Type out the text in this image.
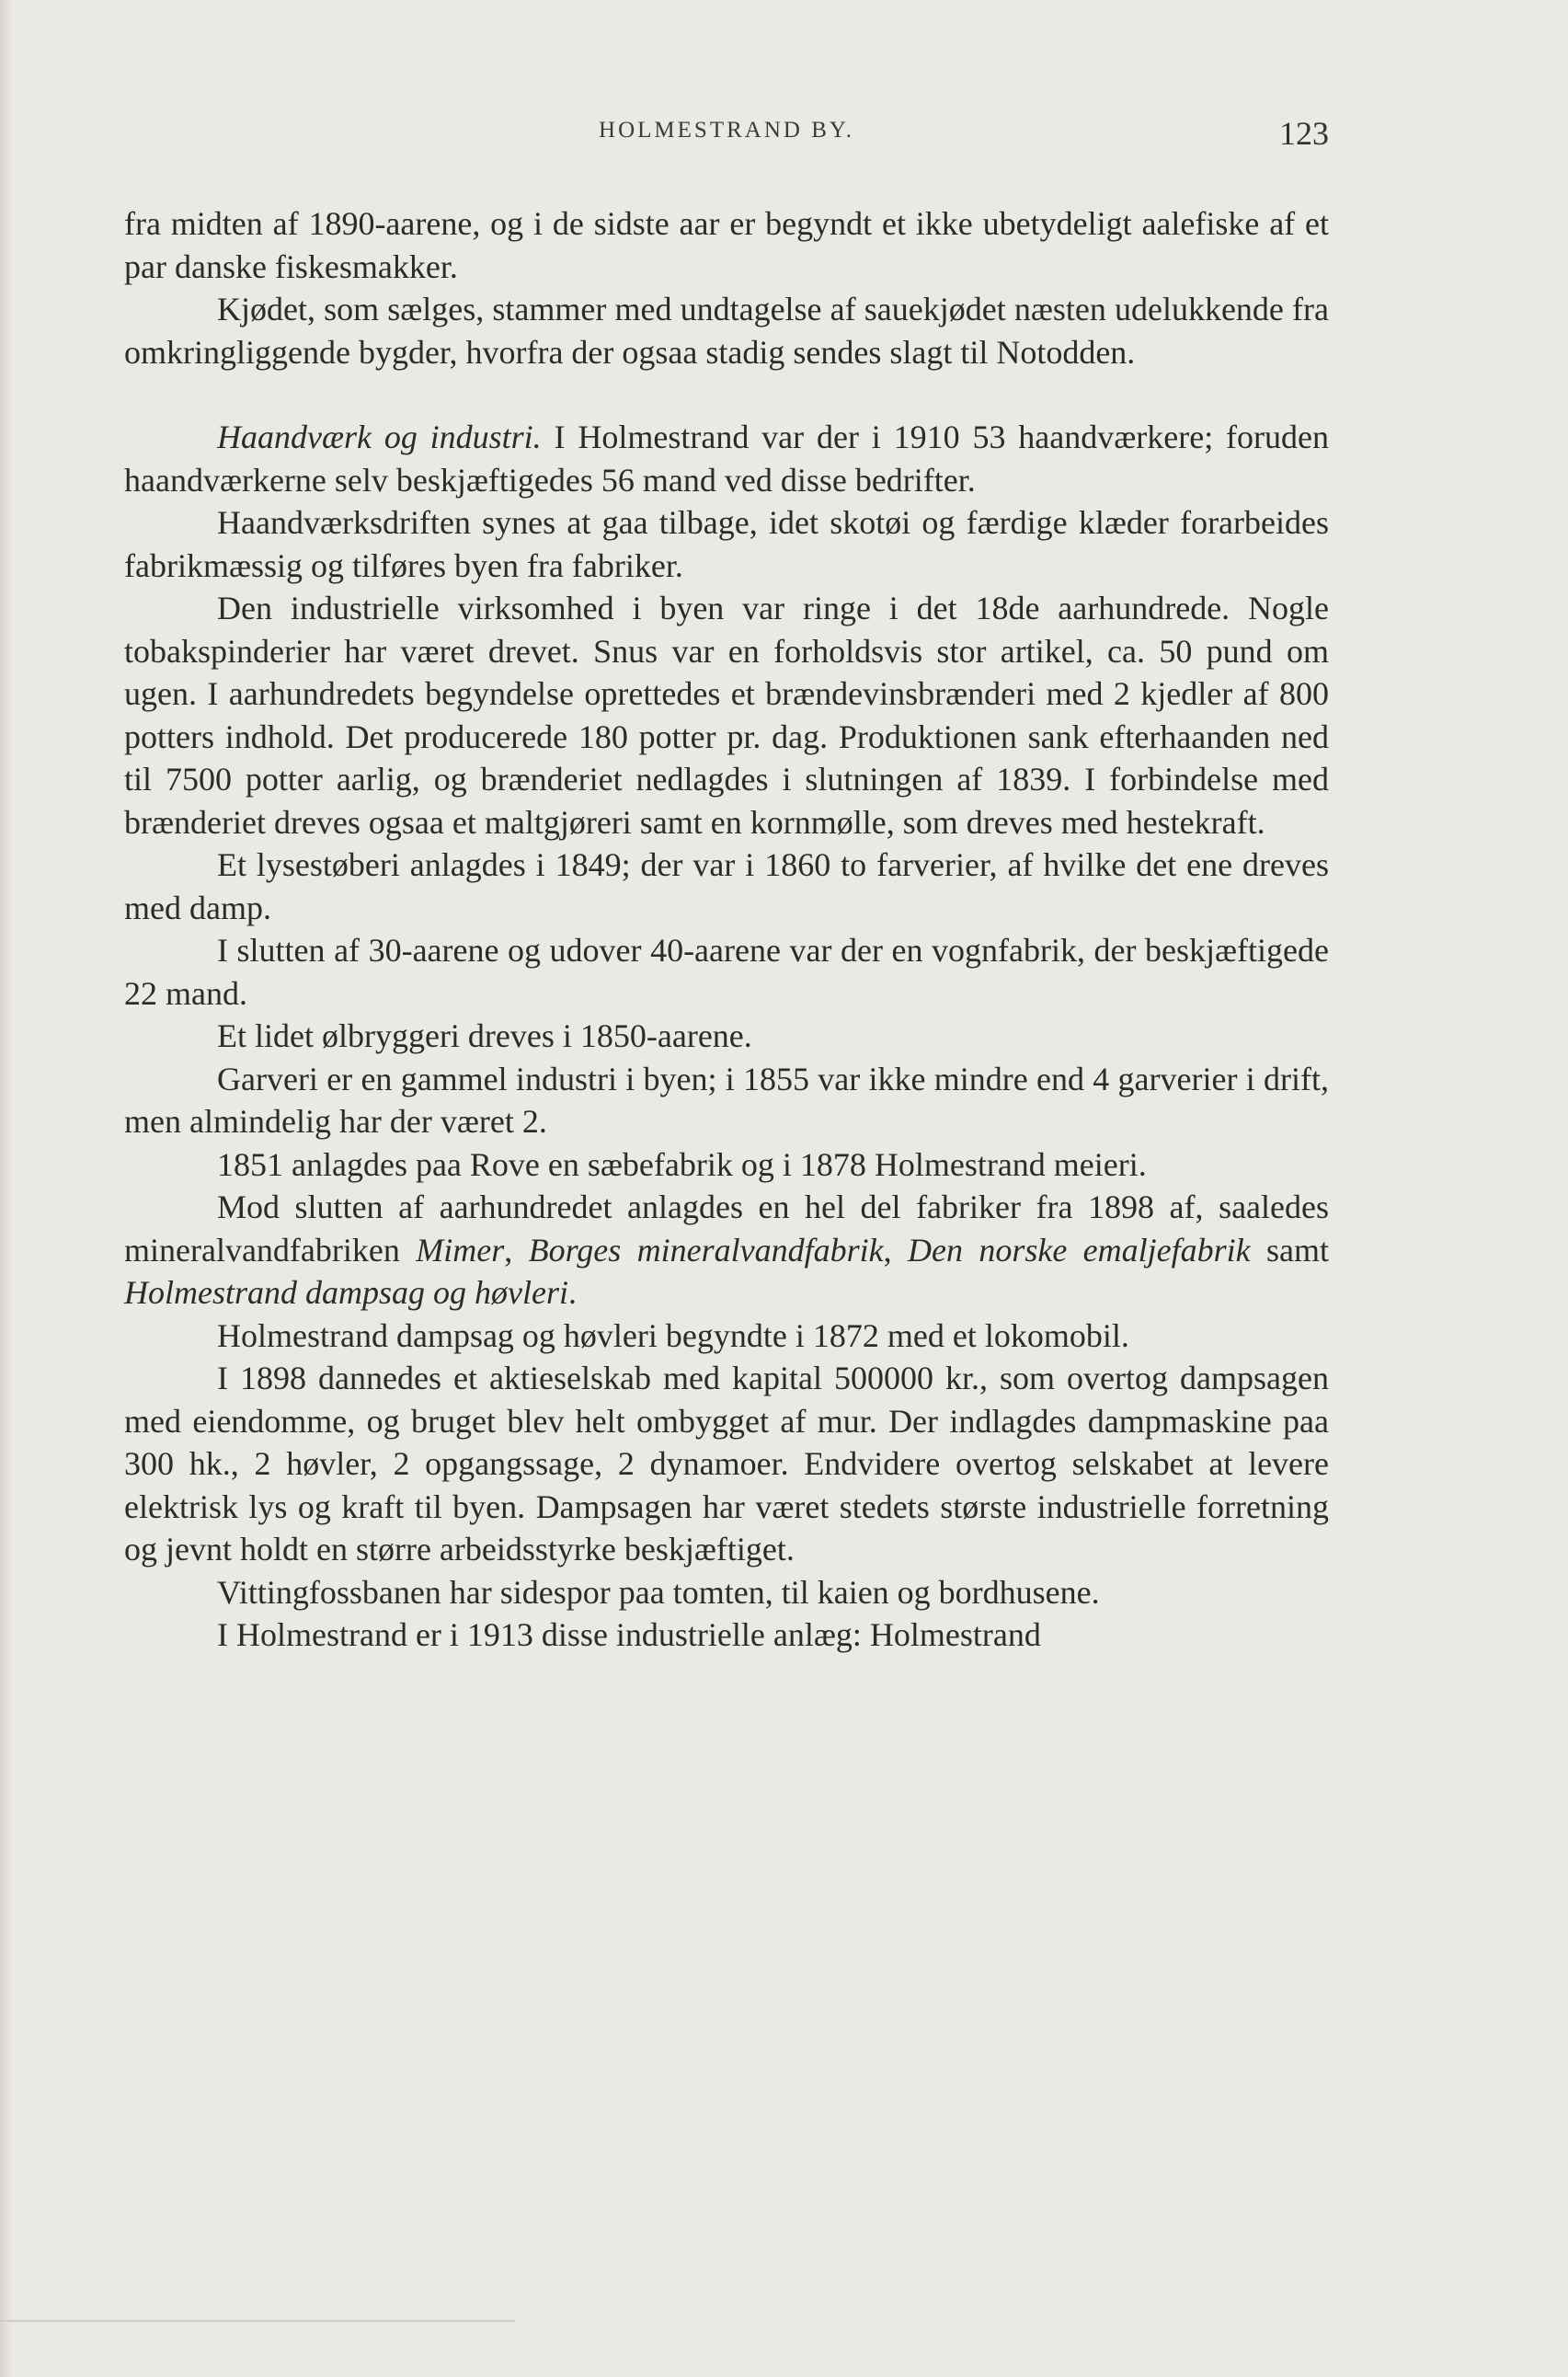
HOLMESTRAND BY.	123

fra midten af 1890-aarene, og i de sidste aar er begyndt et ikke ubetydeligt aalefiske af et par danske fiskesmakker.

Kjødet, som sælges, stammer med undtagelse af sauekjødet næsten udelukkende fra omkringliggende bygder, hvorfra der ogsaa stadig sendes slagt til Notodden.

Haandværk og industri. I Holmestrand var der i 1910 53 haandværkere; foruden haandværkerne selv beskjæftigedes 56 mand ved disse bedrifter.

Haandværksdriften synes at gaa tilbage, idet skotøi og færdige klæder forarbeides fabrikmæssig og tilføres byen fra fabriker.

Den industrielle virksomhed i byen var ringe i det 18de aarhundrede. Nogle tobakspinderier har været drevet. Snus var en forholdsvis stor artikel, ca. 50 pund om ugen. I aarhundredets begyndelse oprettedes et brændevinsbrænderi med 2 kjedler af 800 potters indhold. Det producerede 180 potter pr. dag. Produktionen sank efterhaanden ned til 7500 potter aarlig, og brænderiet nedlagdes i slutningen af 1839. I forbindelse med brænderiet dreves ogsaa et maltgjøreri samt en kornmølle, som dreves med hestekraft.

Et lysestøberi anlagdes i 1849; der var i 1860 to farverier, af hvilke det ene dreves med damp.

I slutten af 30-aarene og udover 40-aarene var der en vognfabrik, der beskjæftigede 22 mand.

Et lidet ølbryggeri dreves i 1850-aarene.

Garveri er en gammel industri i byen; i 1855 var ikke mindre end 4 garverier i drift, men almindelig har der været 2.

1851 anlagdes paa Rove en sæbefabrik og i 1878 Holmestrand meieri.

Mod slutten af aarhundredet anlagdes en hel del fabriker fra 1898 af, saaledes mineralvandfabriken Mimer, Borges mineralvandfabrik, Den norske emaljefabrik samt Holmestrand dampsag og høvleri.

Holmestrand dampsag og høvleri begyndte i 1872 med et lokomobil.

I 1898 dannedes et aktieselskab med kapital 500000 kr., som overtog dampsagen med eiendomme, og bruget blev helt ombygget af mur. Der indlagdes dampmaskine paa 300 hk., 2 høvler, 2 opgangssage, 2 dynamoer. Endvidere overtog selskabet at levere elektrisk lys og kraft til byen. Dampsagen har været stedets største industrielle forretning og jevnt holdt en større arbeidsstyrke beskjæftiget.

Vittingfossbanen har sidespor paa tomten, til kaien og bordhusene.

I Holmestrand er i 1913 disse industrielle anlæg: Holmestrand
